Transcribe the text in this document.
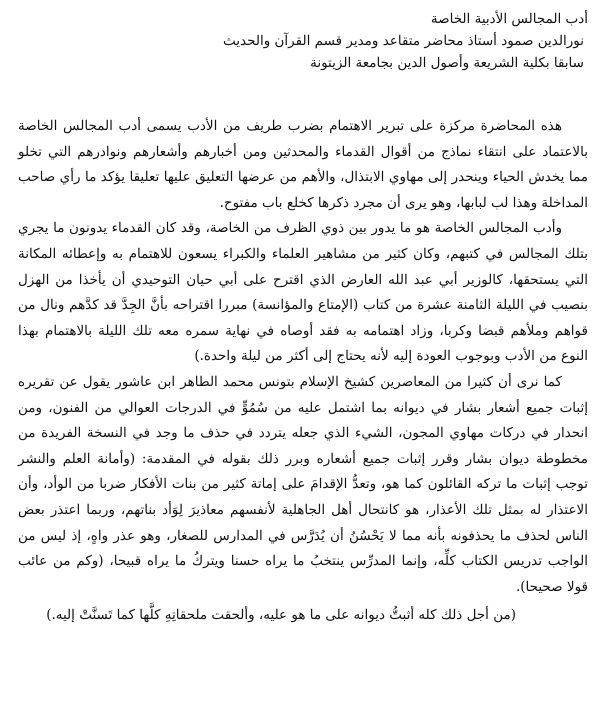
أدب المجالس الأدبية الخاصة
نورالدين صمود أستاذ محاضر متقاعد ومدير قسم القرآن والحديث
سابقا بكلية الشريعة وأصول الدين بجامعة الزيتونة

هذه المحاضرة مركزة على تبرير الاهتمام بضرب طريف من الأدب يسمى أدب المجالس الخاصة بالاعتماد على انتقاء نماذج من أقوال القدماء والمحدثين ومن أخبارهم وأشعارهم ونوادرهم التي تخلو مما يخدش الحياء وينحدر إلى مهاوي الابتذال، والأهم من عرضها التعليق عليها تعليقا يؤكد ما رأي صاحب المداخلة وهذا لب لبابها، وهو يرى أن مجرد ذكرها كخلع باب مفتوح.

وأدب المجالس الخاصة هو ما يدور بين ذوي الظرف من الخاصة، وقد كان القدماء يدونون ما يجري بتلك المجالس في كتبهم، وكان كثير من مشاهير العلماء والكبراء يسعون للاهتمام به وإعطائه المكانة التي يستحقها، كالوزير أبي عبد الله العارض الذي اقترح على أبي حيان التوحيدي أن يأخذا من الهزل بنصيب في الليلة الثامنة عشرة من كتاب (الإمتاع والمؤانسة) مبررا اقتراحه بأنَّ الجِدَّ قد كدَّهم ونال من قواهم وملأهم قبضا وكربا، وزاد اهتمامه به فقد أوصاه في نهاية سمره معه تلك الليلة بالاهتمام بهذا النوع من الأدب وبوجوب العودة إليه لأنه يحتاج إلى أكثر من ليلة واحدة.)

كما نرى أن كثيرا من المعاصرين كشيخ الإسلام بتونس محمد الطاهر ابن عاشور يقول عن تقريره إثبات جميع أشعار بشار في ديوانه بما اشتمل عليه من سُمُوٍّ في الدرجات العوالي من الفنون، ومن انحدار في دركات مهاوي المجون، الشيء الذي جعله يتردد في حذف ما وجد في النسخة الفريدة من مخطوطة ديوان بشار وقرر إثبات جميع أشعاره وبرر ذلك بقوله في المقدمة: (وأمانة العلم والنشر توجب إثبات ما تركه القائلون كما هو، وتعدُّ الإقدامَ على إماتة كثير من بنات الأفكار ضربا من الوأد، وأن الاعتذار له بمثل تلك الأعذار، هو كانتحال أهل الجاهلية لأنفسهم معاذيرَ لِوَأد بناتهم، وربما اعتذر بعض الناس لحذف ما يحذفونه بأنه مما لا يَحْسُنُ أن يُدَرَّس في المدارس للصغار، وهو عذر واهٍ، إذ ليس من الواجب تدريس الكتاب كلِّه، وإنما المدرِّس ينتخبُ ما يراه حسنا ويتركُ ما يراه قبيحا، (وكم من عائب قولا صحيحا).

(من أجل ذلك كله أثبتُّ ديوانه على ما هو عليه، وألحقت ملحقاتِهِ كلَّها كما تَسنَّتْ إليه.)
